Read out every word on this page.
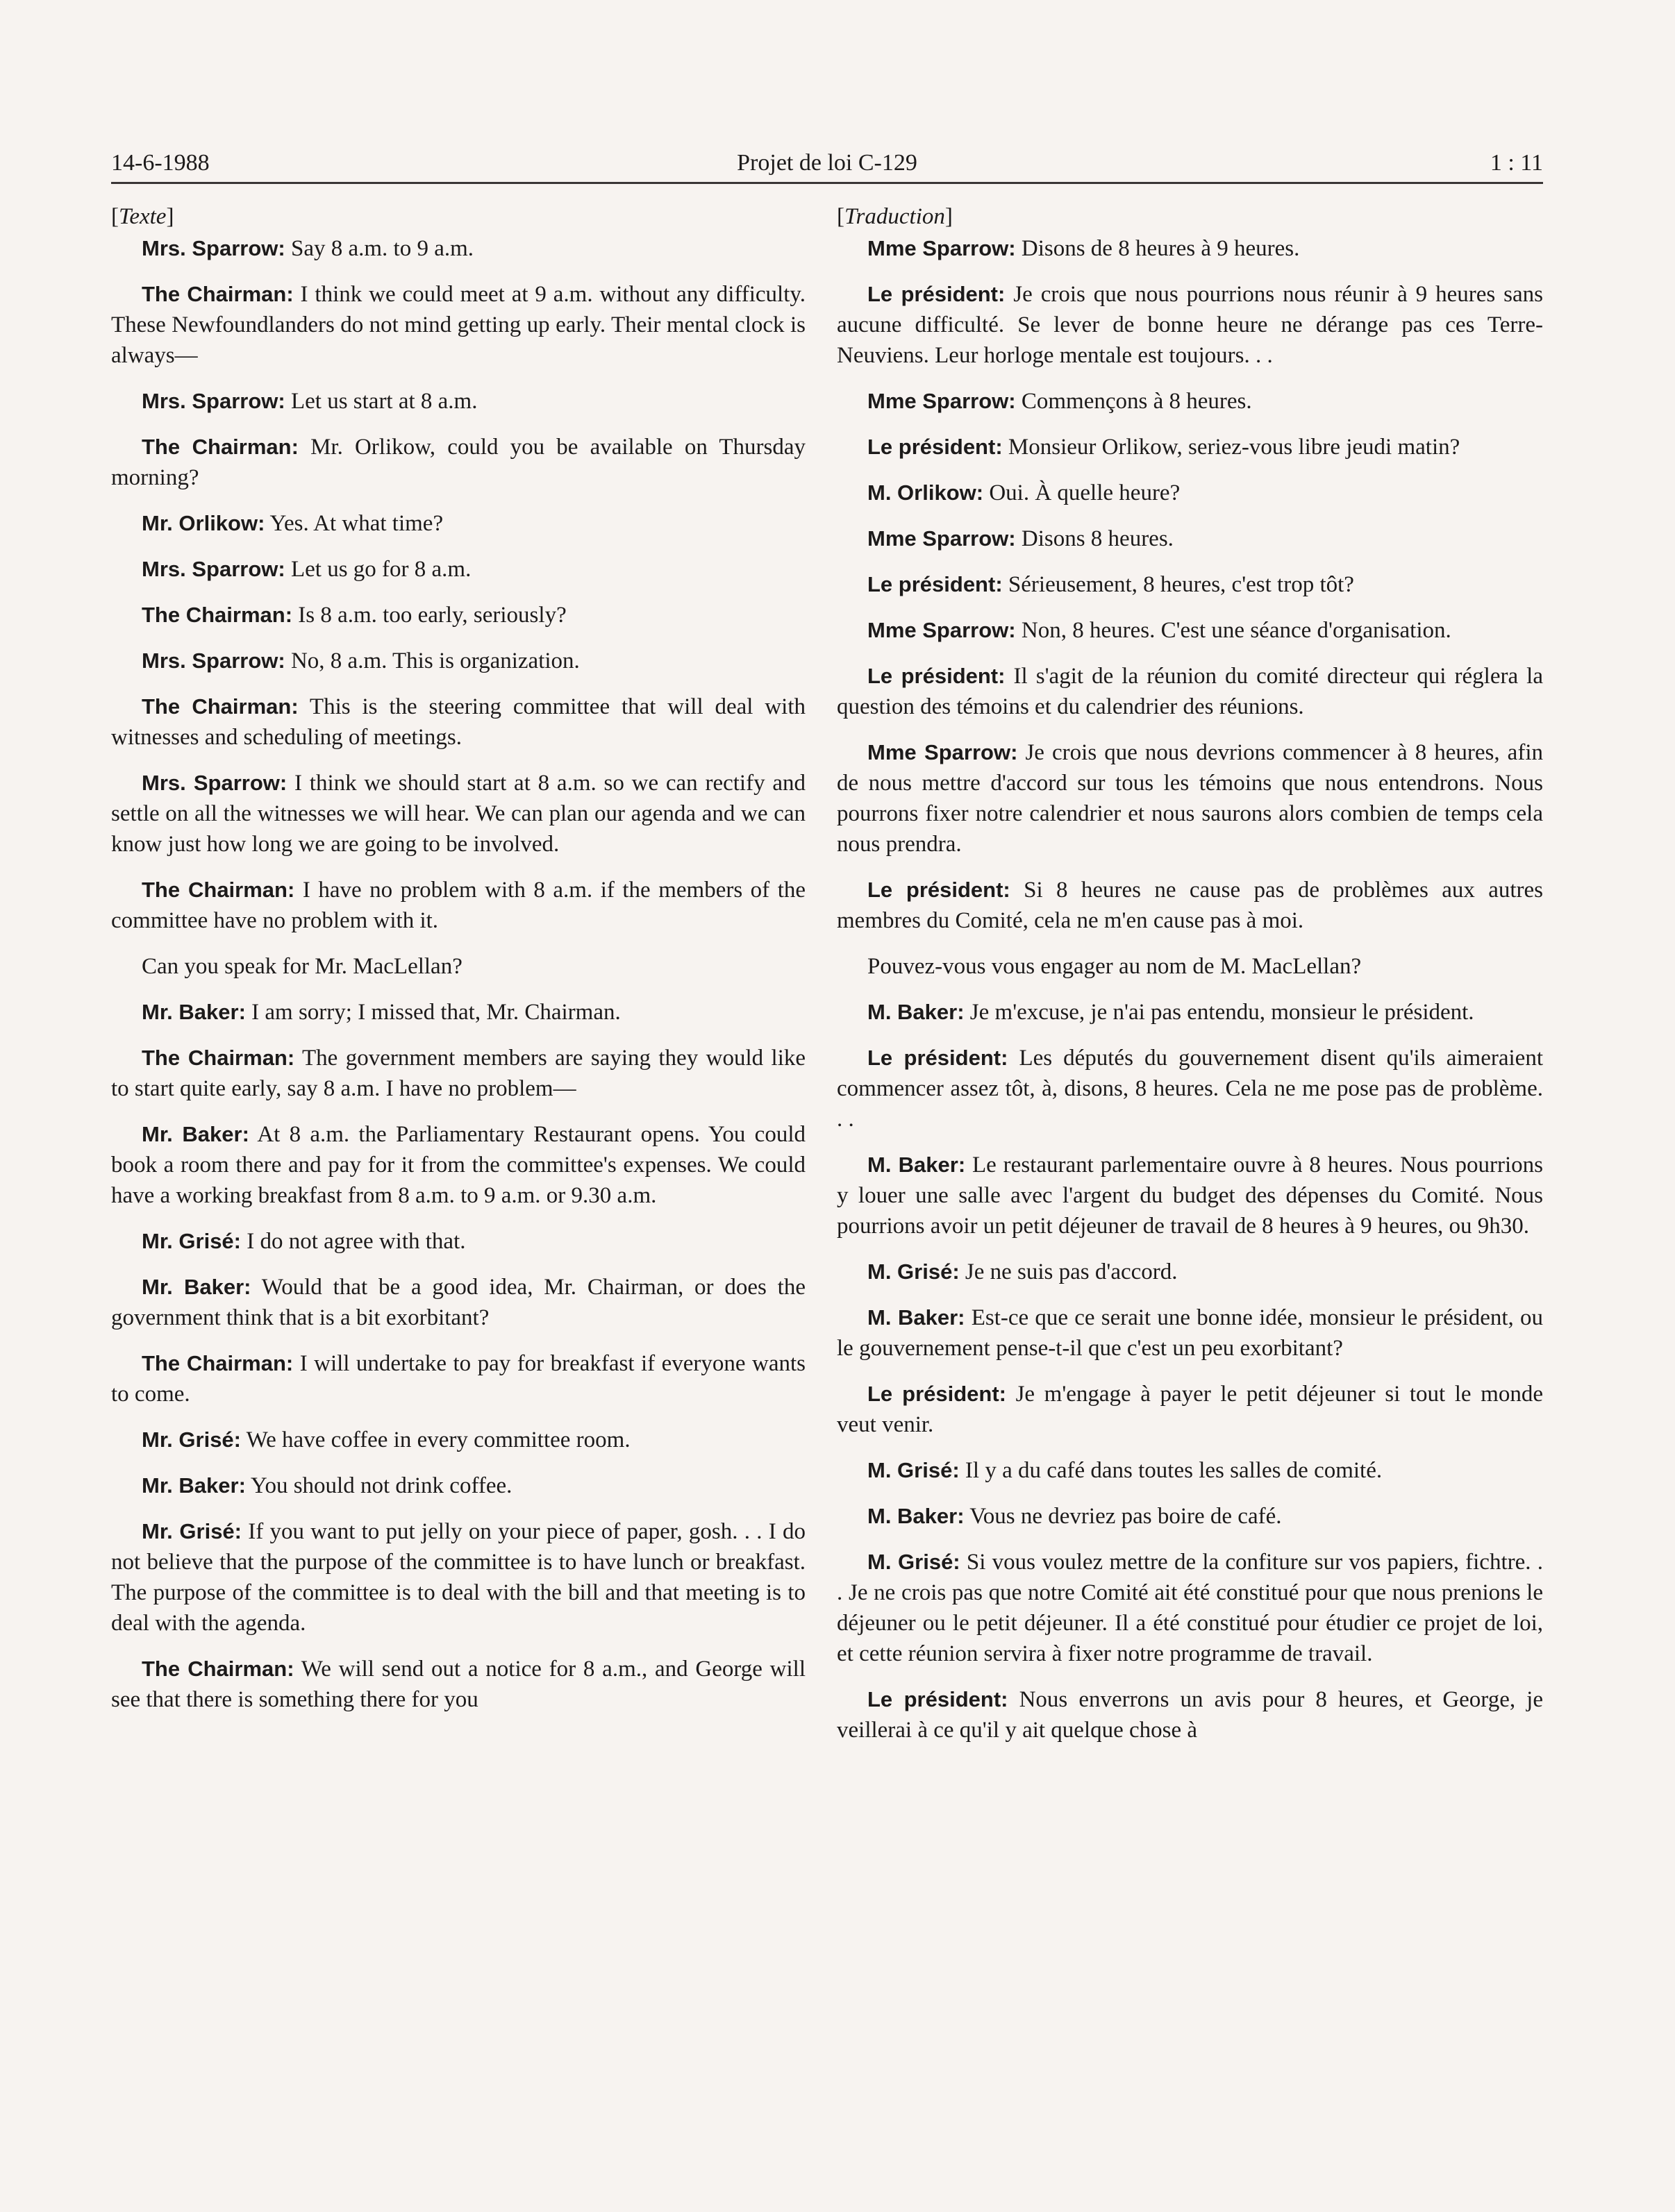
14-6-1988	Projet de loi C-129	1 : 11
[Texte]

Mrs. Sparrow: Say 8 a.m. to 9 a.m.

The Chairman: I think we could meet at 9 a.m. without any difficulty. These Newfoundlanders do not mind getting up early. Their mental clock is always—

Mrs. Sparrow: Let us start at 8 a.m.

The Chairman: Mr. Orlikow, could you be available on Thursday morning?

Mr. Orlikow: Yes. At what time?

Mrs. Sparrow: Let us go for 8 a.m.

The Chairman: Is 8 a.m. too early, seriously?

Mrs. Sparrow: No, 8 a.m. This is organization.

The Chairman: This is the steering committee that will deal with witnesses and scheduling of meetings.

Mrs. Sparrow: I think we should start at 8 a.m. so we can rectify and settle on all the witnesses we will hear. We can plan our agenda and we can know just how long we are going to be involved.

The Chairman: I have no problem with 8 a.m. if the members of the committee have no problem with it.

Can you speak for Mr. MacLellan?

Mr. Baker: I am sorry; I missed that, Mr. Chairman.

The Chairman: The government members are saying they would like to start quite early, say 8 a.m. I have no problem—

Mr. Baker: At 8 a.m. the Parliamentary Restaurant opens. You could book a room there and pay for it from the committee's expenses. We could have a working breakfast from 8 a.m. to 9 a.m. or 9.30 a.m.

Mr. Grisé: I do not agree with that.

Mr. Baker: Would that be a good idea, Mr. Chairman, or does the government think that is a bit exorbitant?

The Chairman: I will undertake to pay for breakfast if everyone wants to come.

Mr. Grisé: We have coffee in every committee room.

Mr. Baker: You should not drink coffee.

Mr. Grisé: If you want to put jelly on your piece of paper, gosh. . . I do not believe that the purpose of the committee is to have lunch or breakfast. The purpose of the committee is to deal with the bill and that meeting is to deal with the agenda.

The Chairman: We will send out a notice for 8 a.m., and George will see that there is something there for you

[Traduction]

Mme Sparrow: Disons de 8 heures à 9 heures.

Le président: Je crois que nous pourrions nous réunir à 9 heures sans aucune difficulté. Se lever de bonne heure ne dérange pas ces Terre-Neuviens. Leur horloge mentale est toujours. . .

Mme Sparrow: Commençons à 8 heures.

Le président: Monsieur Orlikow, seriez-vous libre jeudi matin?

M. Orlikow: Oui. À quelle heure?

Mme Sparrow: Disons 8 heures.

Le président: Sérieusement, 8 heures, c'est trop tôt?

Mme Sparrow: Non, 8 heures. C'est une séance d'organisation.

Le président: Il s'agit de la réunion du comité directeur qui réglera la question des témoins et du calendrier des réunions.

Mme Sparrow: Je crois que nous devrions commencer à 8 heures, afin de nous mettre d'accord sur tous les témoins que nous entendrons. Nous pourrons fixer notre calendrier et nous saurons alors combien de temps cela nous prendra.

Le président: Si 8 heures ne cause pas de problèmes aux autres membres du Comité, cela ne m'en cause pas à moi.

Pouvez-vous vous engager au nom de M. MacLellan?

M. Baker: Je m'excuse, je n'ai pas entendu, monsieur le président.

Le président: Les députés du gouvernement disent qu'ils aimeraient commencer assez tôt, à, disons, 8 heures. Cela ne me pose pas de problème. . .

M. Baker: Le restaurant parlementaire ouvre à 8 heures. Nous pourrions y louer une salle avec l'argent du budget des dépenses du Comité. Nous pourrions avoir un petit déjeuner de travail de 8 heures à 9 heures, ou 9h30.

M. Grisé: Je ne suis pas d'accord.

M. Baker: Est-ce que ce serait une bonne idée, monsieur le président, ou le gouvernement pense-t-il que c'est un peu exorbitant?

Le président: Je m'engage à payer le petit déjeuner si tout le monde veut venir.

M. Grisé: Il y a du café dans toutes les salles de comité.

M. Baker: Vous ne devriez pas boire de café.

M. Grisé: Si vous voulez mettre de la confiture sur vos papiers, fichtre. . . Je ne crois pas que notre Comité ait été constitué pour que nous prenions le déjeuner ou le petit déjeuner. Il a été constitué pour étudier ce projet de loi, et cette réunion servira à fixer notre programme de travail.

Le président: Nous enverrons un avis pour 8 heures, et George, je veillerai à ce qu'il y ait quelque chose à
